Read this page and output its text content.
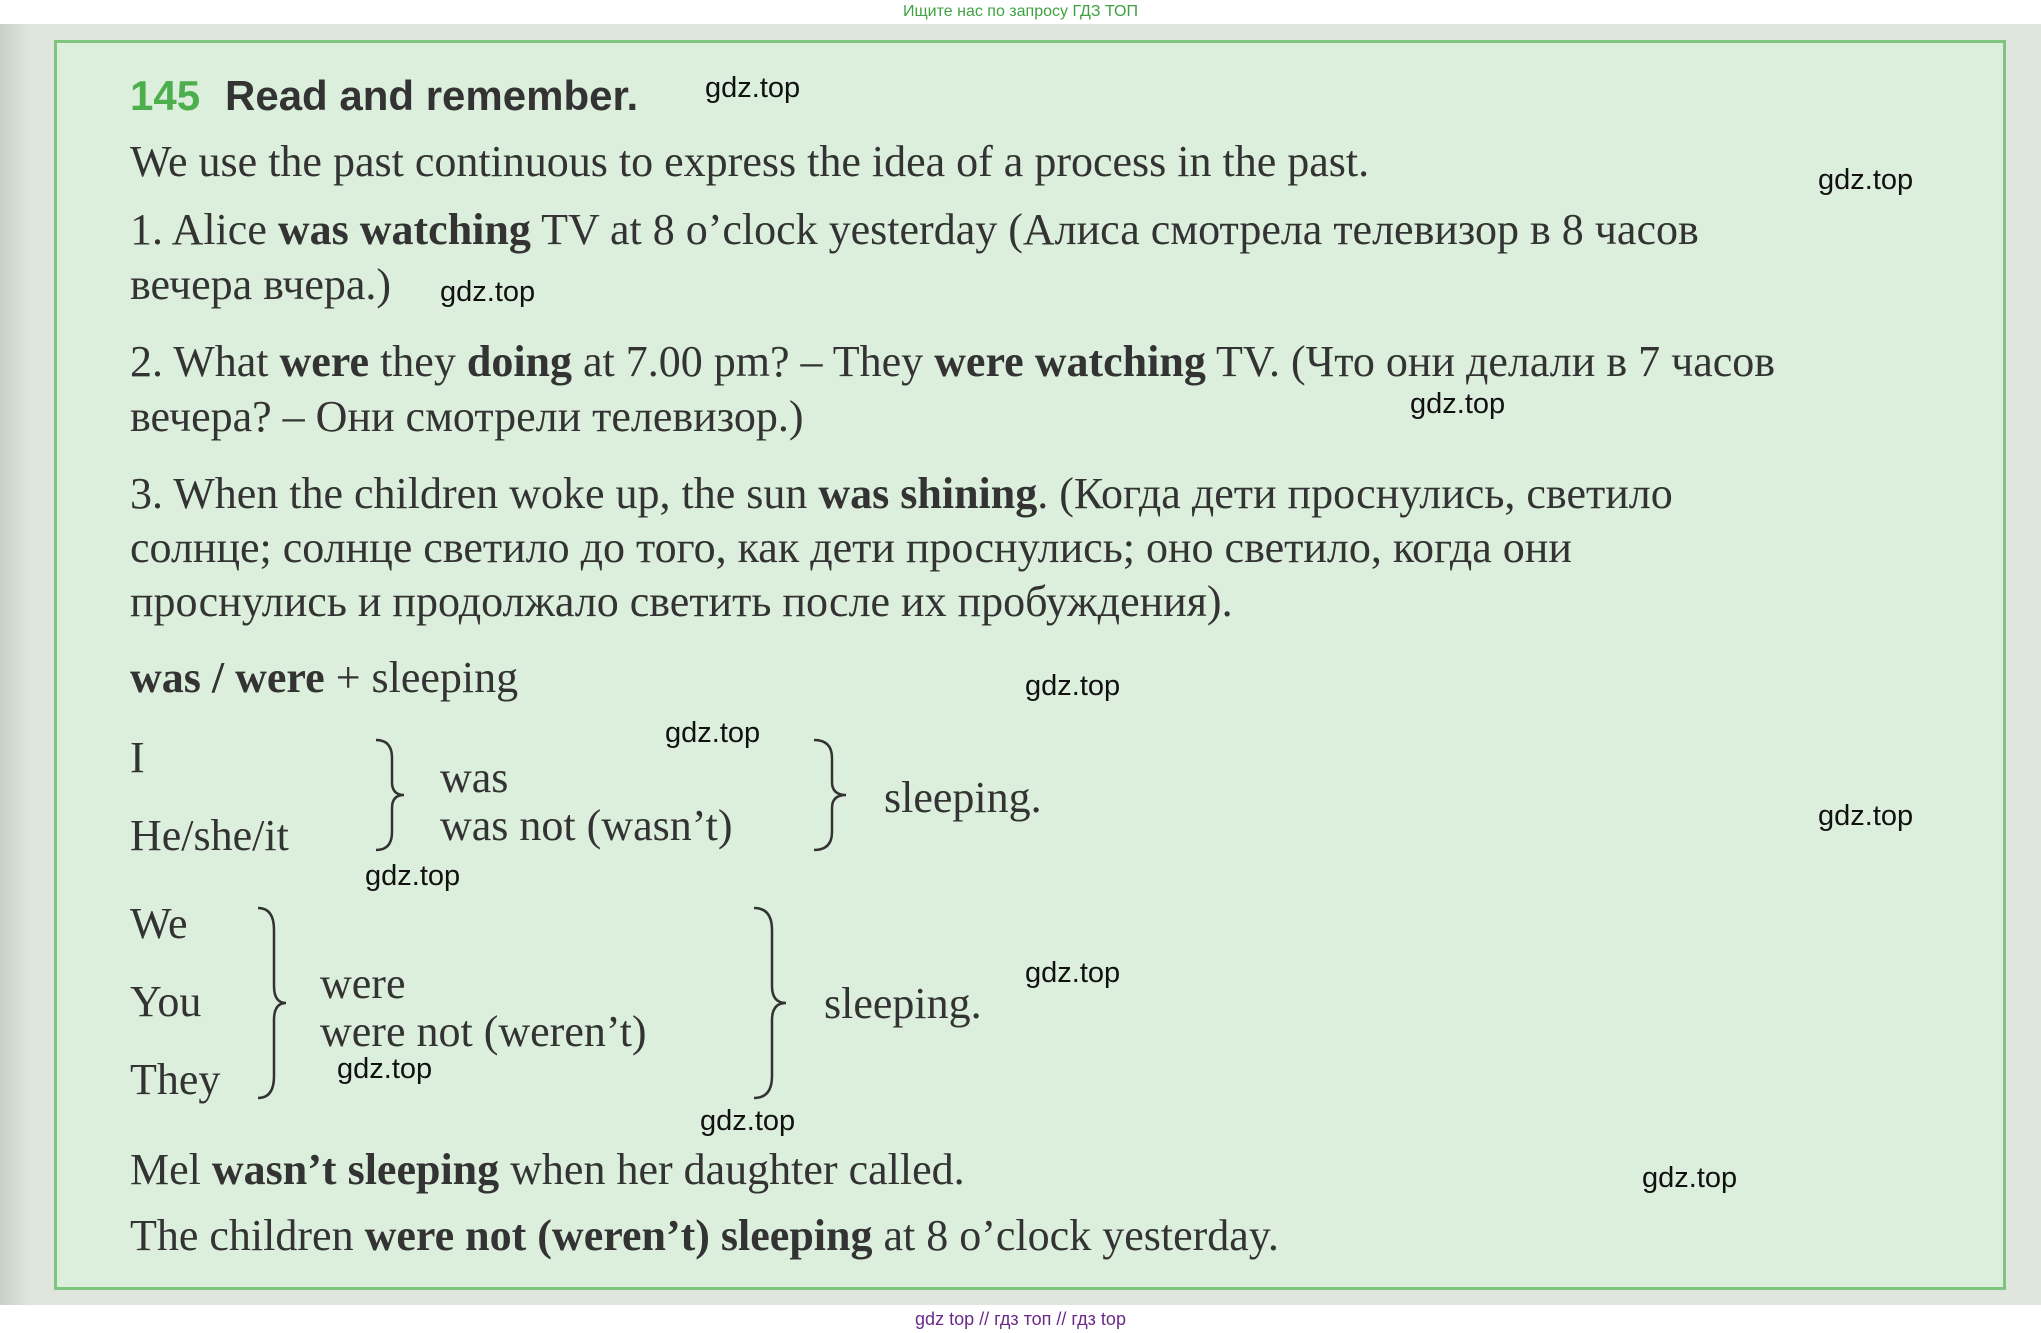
Ищите нас по запросу ГДЗ ТОП
145 Read and remember.
We use the past continuous to express the idea of a process in the past.
1. Alice was watching TV at 8 o’clock yesterday (Алиса смотрела телевизор в 8 часов
вечера вчера.)
2. What were they doing at 7.00 pm? – They were watching TV. (Что они делали в 7 часов
вечера? – Они смотрели телевизор.)
3. When the children woke up, the sun was shining. (Когда дети проснулись, светило
солнце; солнце светило до того, как дети проснулись; оно светило, когда они
проснулись и продолжало светить после их пробуждения).
was / were + sleeping
I
He/she/it
was
was not (wasn’t)
sleeping.
We
You
They
were
were not (weren’t)
sleeping.
Mel wasn’t sleeping when her daughter called.
The children were not (weren’t) sleeping at 8 o’clock yesterday.
gdz.top
gdz.top
gdz.top
gdz.top
gdz.top
gdz.top
gdz.top
gdz.top
gdz.top
gdz.top
gdz.top
gdz.top
gdz top // гдз топ // гдз top
